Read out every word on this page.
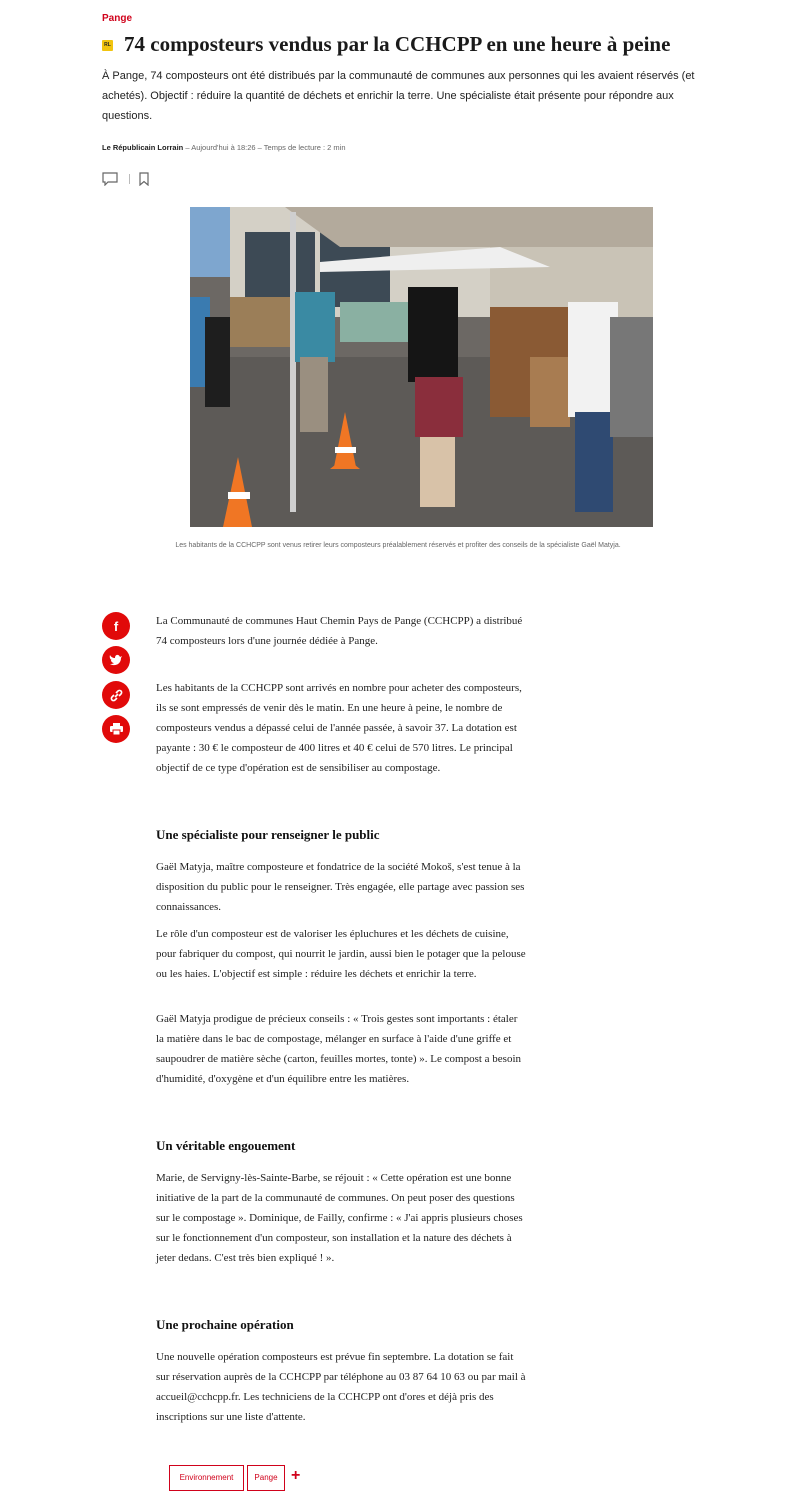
Pange
RL 74 composteurs vendus par la CCHCPP en une heure à peine
À Pange, 74 composteurs ont été distribués par la communauté de communes aux personnes qui les avaient réservés (et achetés). Objectif : réduire la quantité de déchets et enrichir la terre. Une spécialiste était présente pour répondre aux questions.
Le Républicain Lorrain – Aujourd'hui à 18:26 – Temps de lecture : 2 min
Les habitants de la CCHCPP sont venus retirer leurs composteurs préalablement réservés et profiter des conseils de la spécialiste Gaël Matyja.
f	La Communauté de communes Haut Chemin Pays de Pange (CCHCPP) a distribué 74 composteurs lors d'une journée dédiée à Pange.
Les habitants de la CCHCPP sont arrivés en nombre pour acheter des composteurs, ils se sont empressés de venir dès le matin. En une heure à peine, le nombre de composteurs vendus a dépassé celui de l'année passée, à savoir 37. La dotation est payante : 30 € le composteur de 400 litres et 40 € celui de 570 litres. Le principal objectif de ce type d'opération est de sensibiliser au compostage.
Une spécialiste pour renseigner le public
Gaël Matyja, maître composteure et fondatrice de la société Mokoš, s'est tenue à la disposition du public pour le renseigner. Très engagée, elle partage avec passion ses connaissances.
Le rôle d'un composteur est de valoriser les épluchures et les déchets de cuisine, pour fabriquer du compost, qui nourrit le jardin, aussi bien le potager que la pelouse ou les haies. L'objectif est simple : réduire les déchets et enrichir la terre.
Gaël Matyja prodigue de précieux conseils : « Trois gestes sont importants : étaler la matière dans le bac de compostage, mélanger en surface à l'aide d'une griffe et saupoudrer de matière sèche (carton, feuilles mortes, tonte) ». Le compost a besoin d'humidité, d'oxygène et d'un équilibre entre les matières.
Un véritable engouement
Marie, de Servigny-lès-Sainte-Barbe, se réjouit : « Cette opération est une bonne initiative de la part de la communauté de communes. On peut poser des questions sur le compostage ». Dominique, de Failly, confirme : « J'ai appris plusieurs choses sur le fonctionnement d'un composteur, son installation et la nature des déchets à jeter dedans. C'est très bien expliqué ! ».
Une prochaine opération
Une nouvelle opération composteurs est prévue fin septembre. La dotation se fait sur réservation auprès de la CCHCPP par téléphone au 03 87 64 10 63 ou par mail à accueil@cchcpp.fr. Les techniciens de la CCHCPP ont d'ores et déjà pris des inscriptions sur une liste d'attente.
Environnement	Pange +
